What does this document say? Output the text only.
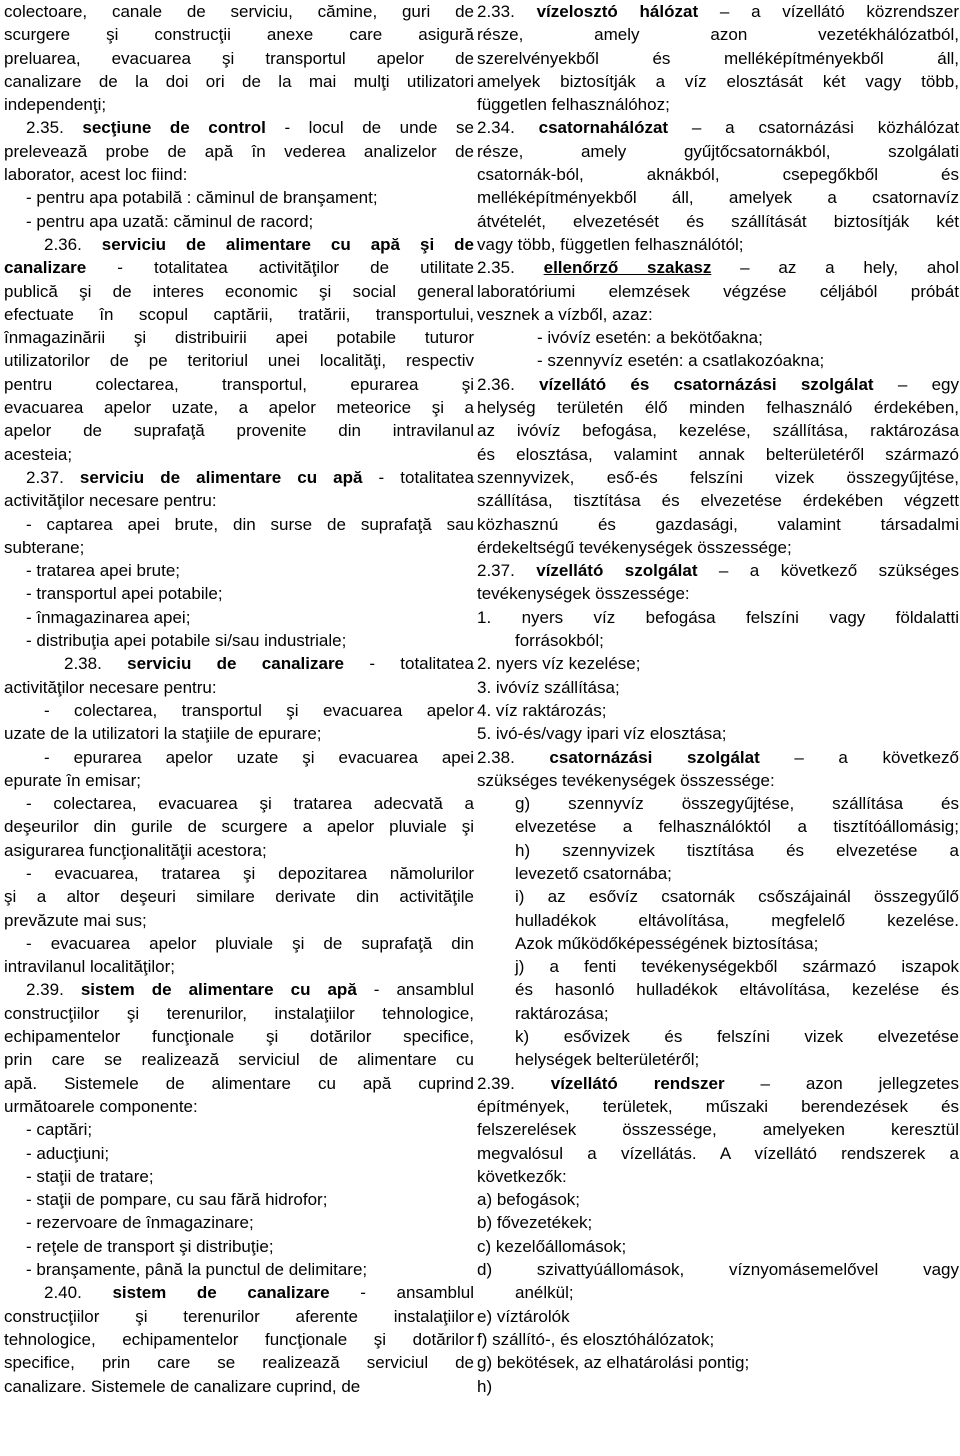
colectoare, canale de serviciu, cămine, guri de
scurgere şi construcţii anexe care asigură
preluarea, evacuarea şi transportul apelor de
canalizare de la doi ori de la mai mulţi utilizatori
independenţi;
2.35. secţiune de control - locul de unde se
prelevează probe de apă în vederea analizelor de
laborator, acest loc fiind:
- pentru apa potabilă : căminul de branşament;
- pentru apa uzată: căminul de racord;
2.36. serviciu de alimentare cu apă şi de
canalizare - totalitatea activităţilor de utilitate
publică şi de interes economic şi social general
efectuate în scopul captării, tratării, transportului,
înmagazinării şi distribuirii apei potabile tuturor
utilizatorilor de pe teritoriul unei localităţi, respectiv
pentru colectarea, transportul, epurarea şi
evacuarea apelor uzate, a apelor meteorice şi a
apelor de suprafaţă provenite din intravilanul
acesteia;
2.37. serviciu de alimentare cu apă - totalitatea
activităţilor necesare pentru:
- captarea apei brute, din surse de suprafaţă sau
subterane;
- tratarea apei brute;
- transportul apei potabile;
- înmagazinarea apei;
- distribuţia apei potabile si/sau industriale;
2.38. serviciu de canalizare - totalitatea
activităţilor necesare pentru:
- colectarea, transportul şi evacuarea apelor
uzate de la utilizatori la staţiile de epurare;
- epurarea apelor uzate şi evacuarea apei
epurate în emisar;
- colectarea, evacuarea şi tratarea adecvată a
deşeurilor din gurile de scurgere a apelor pluviale şi
asigurarea funcţionalităţii acestora;
- evacuarea, tratarea şi depozitarea nămolurilor
şi a altor deşeuri similare derivate din activităţile
prevăzute mai sus;
- evacuarea apelor pluviale şi de suprafaţă din
intravilanul localităţilor;
2.39. sistem de alimentare cu apă - ansamblul
construcţiilor şi terenurilor, instalaţiilor tehnologice,
echipamentelor funcţionale şi dotărilor specifice,
prin care se realizează serviciul de alimentare cu
apă. Sistemele de alimentare cu apă cuprind
următoarele componente:
- captări;
- aducţiuni;
- staţii de tratare;
- staţii de pompare, cu sau fără hidrofor;
- rezervoare de înmagazinare;
- reţele de transport şi distribuţie;
- branşamente, până la punctul de delimitare;
2.40. sistem de canalizare - ansamblul
construcţiilor şi terenurilor aferente instalaţiilor
tehnologice, echipamentelor funcţionale şi dotărilor
specifice, prin care se realizează serviciul de
canalizare. Sistemele de canalizare cuprind, de
2.33. vízelosztó hálózat – a vízellátó közrendszer
része, amely azon vezetékhálózatból,
szerelvényekből és melléképítményekből áll,
amelyek biztosítják a víz elosztását két vagy több,
független felhasználóhoz;
2.34. csatornahálózat – a csatornázási közhálózat
része, amely gyűjtőcsatornákból, szolgálati
csatornák-ból, aknákból, csepegőkből és
melléképítményekből áll, amelyek a csatornavíz
átvételét, elvezetését és szállítását biztosítják két
vagy több, független felhasználótól;
2.35. ellenőrző szakasz – az a hely, ahol
laboratóriumi elemzések végzése céljából próbát
vesznek a vízből, azaz:
- ivóvíz esetén: a bekötőakna;
- szennyvíz esetén: a csatlakozóakna;
2.36. vízellátó és csatornázási szolgálat – egy
helység területén élő minden felhasználó érdekében,
az ivóvíz befogása, kezelése, szállítása, raktározása
és elosztása, valamint annak belterületéről származó
szennyvizek, eső-és felszíni vizek összegyűjtése,
szállítása, tisztítása és elvezetése érdekében végzett
közhasznú és gazdasági, valamint társadalmi
érdekeltségű tevékenységek összessége;
2.37. vízellátó szolgálat – a következő szükséges
tevékenységek összessége:
1. nyers víz befogása felszíni vagy földalatti
forrásokból;
2. nyers víz kezelése;
3. ivóvíz szállítása;
4. víz raktározás;
5. ivó-és/vagy ipari víz elosztása;
2.38. csatornázási szolgálat – a következő
szükséges tevékenységek összessége:
g) szennyvíz összegyűjtése, szállítása és
elvezetése a felhasználóktól a tisztítóállomásig;
h) szennyvizek tisztítása és elvezetése a
levezető csatornába;
i) az esővíz csatornák csőszájainál összegyűlő
hulladékok eltávolítása, megfelelő kezelése.
Azok működőképességének biztosítása;
j) a fenti tevékenységekből származó iszapok
és hasonló hulladékok eltávolítása, kezelése és
raktározása;
k) esővizek és felszíni vizek elvezetése
helységek belterületéről;
2.39. vízellátó rendszer – azon jellegzetes
építmények, területek, műszaki berendezések és
felszerelések összessége, amelyeken keresztül
megvalósul a vízellátás. A vízellátó rendszerek a
következők:
a) befogások;
b) fővezetékek;
c) kezelőállomások;
d) szivattyúállomások, víznyomásemelővel vagy
anélkül;
e) víztárolók
f) szállító-, és elosztóhálózatok;
g) bekötések, az elhatárolási pontig;
h)
